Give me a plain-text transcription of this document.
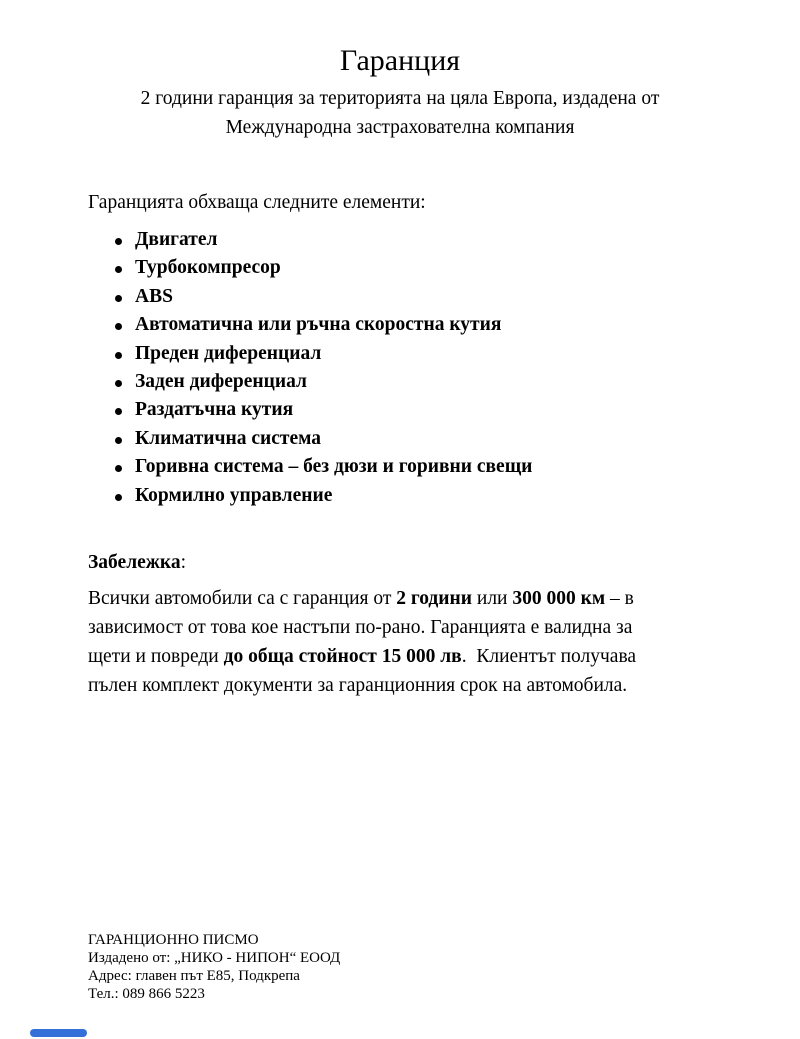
Гаранция
2 години гаранция за територията на цяла Европа, издадена от
Международна застрахователна компания

Гаранцията обхваща следните елементи:

Двигател
Турбокомпресор
ABS
Автоматична или ръчна скоростна кутия
Преден диференциал
Заден диференциал
Раздатъчна кутия
Климатична система
Горивна система – без дюзи и горивни свещи
Кормилно управление

Забележка:

Всички автомобили са с гаранция от 2 години или 300 000 км – в
зависимост от това кое настъпи по-рано. Гаранцията е валидна за
щети и повреди до обща стойност 15 000 лв.  Клиентът получава
пълен комплект документи за гаранционния срок на автомобила.
ГАРАНЦИОННО ПИСМО
Издадено от: „НИКО - НИПОН“ ЕООД
Адрес: главен път Е85, Подкрепа
Тел.: 089 866 5223
